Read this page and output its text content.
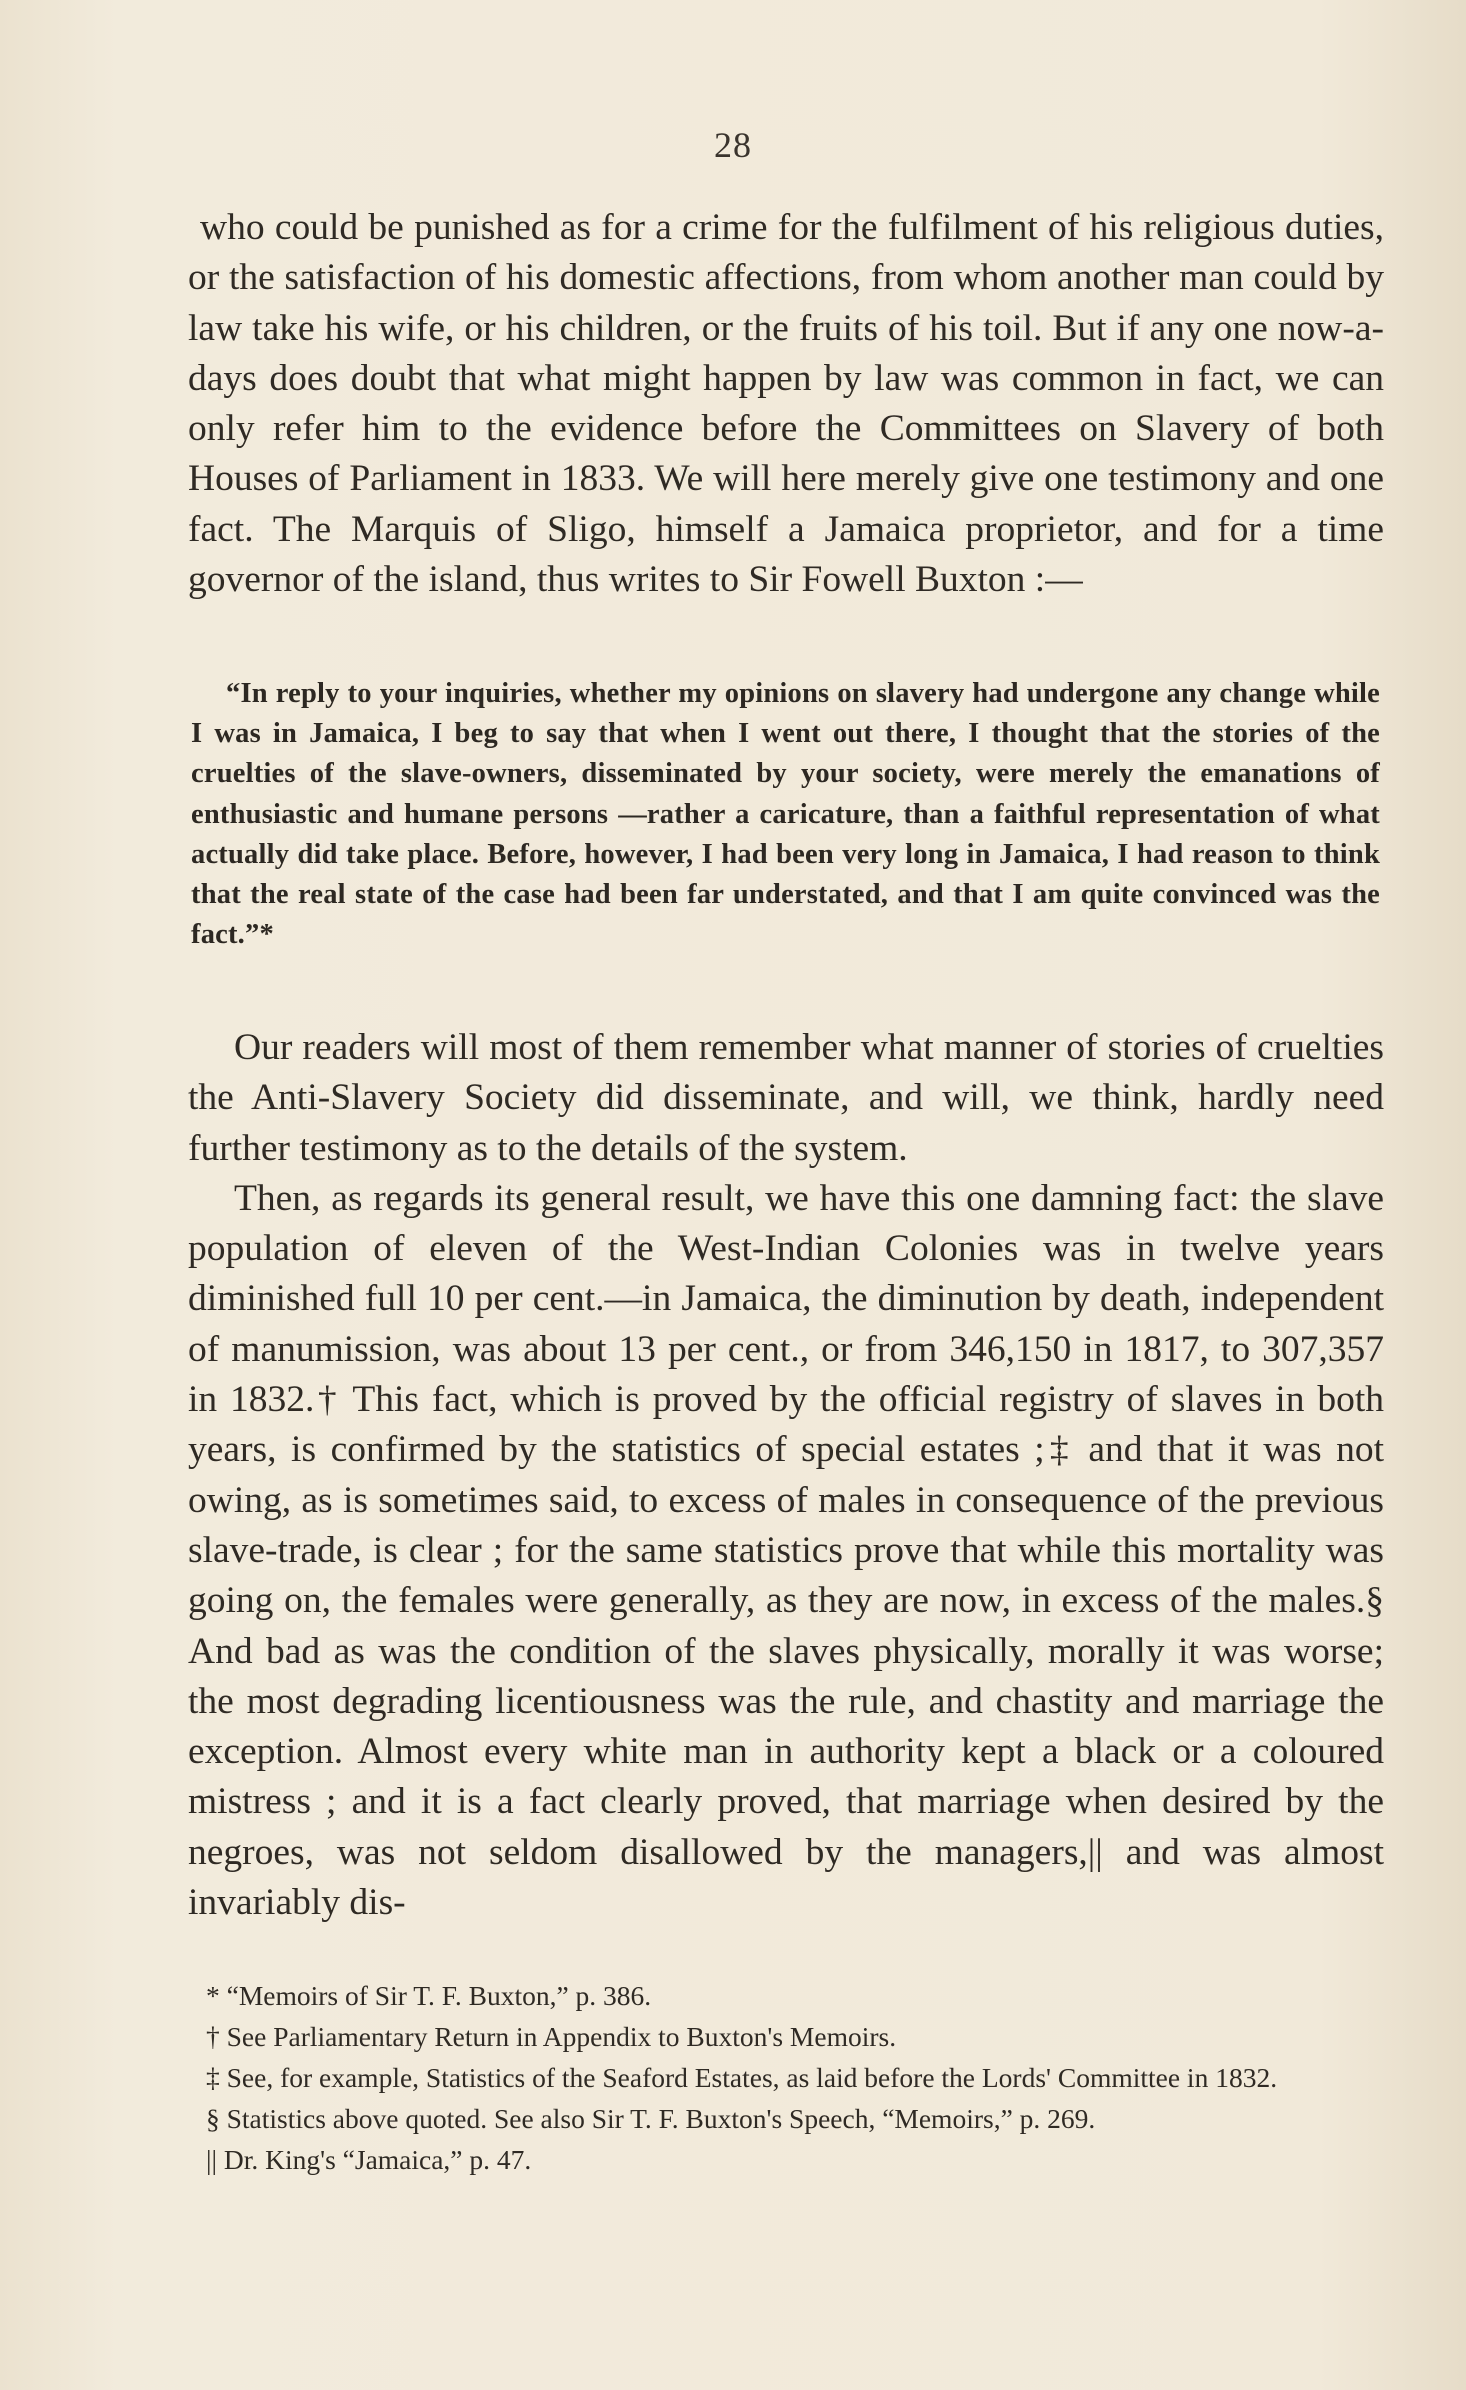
28

who could be punished as for a crime for the fulfilment of his religious duties, or the satisfaction of his domestic affections, from whom another man could by law take his wife, or his children, or the fruits of his toil. But if any one now-a-days does doubt that what might happen by law was common in fact, we can only refer him to the evidence before the Committees on Slavery of both Houses of Parliament in 1833. We will here merely give one testimony and one fact. The Marquis of Sligo, himself a Jamaica proprietor, and for a time governor of the island, thus writes to Sir Fowell Buxton :—

“In reply to your inquiries, whether my opinions on slavery had undergone any change while I was in Jamaica, I beg to say that when I went out there, I thought that the stories of the cruelties of the slave-owners, disseminated by your society, were merely the emanations of enthusiastic and humane persons —rather a caricature, than a faithful representation of what actually did take place. Before, however, I had been very long in Jamaica, I had reason to think that the real state of the case had been far understated, and that I am quite convinced was the fact.”*

Our readers will most of them remember what manner of stories of cruelties the Anti-Slavery Society did disseminate, and will, we think, hardly need further testimony as to the details of the system.

Then, as regards its general result, we have this one damning fact: the slave population of eleven of the West-Indian Colonies was in twelve years diminished full 10 per cent.—in Jamaica, the diminution by death, independent of manumission, was about 13 per cent., or from 346,150 in 1817, to 307,357 in 1832.† This fact, which is proved by the official registry of slaves in both years, is confirmed by the statistics of special estates ;‡ and that it was not owing, as is sometimes said, to excess of males in consequence of the previous slave-trade, is clear ; for the same statistics prove that while this mortality was going on, the females were generally, as they are now, in excess of the males.§ And bad as was the condition of the slaves physically, morally it was worse; the most degrading licentiousness was the rule, and chastity and marriage the exception. Almost every white man in authority kept a black or a coloured mistress ; and it is a fact clearly proved, that marriage when desired by the negroes, was not seldom disallowed by the managers,|| and was almost invariably dis-

* “Memoirs of Sir T. F. Buxton,” p. 386.

† See Parliamentary Return in Appendix to Buxton's Memoirs.

‡ See, for example, Statistics of the Seaford Estates, as laid before the Lords' Committee in 1832.

§ Statistics above quoted. See also Sir T. F. Buxton's Speech, “Memoirs,” p. 269.

|| Dr. King's “Jamaica,” p. 47.
